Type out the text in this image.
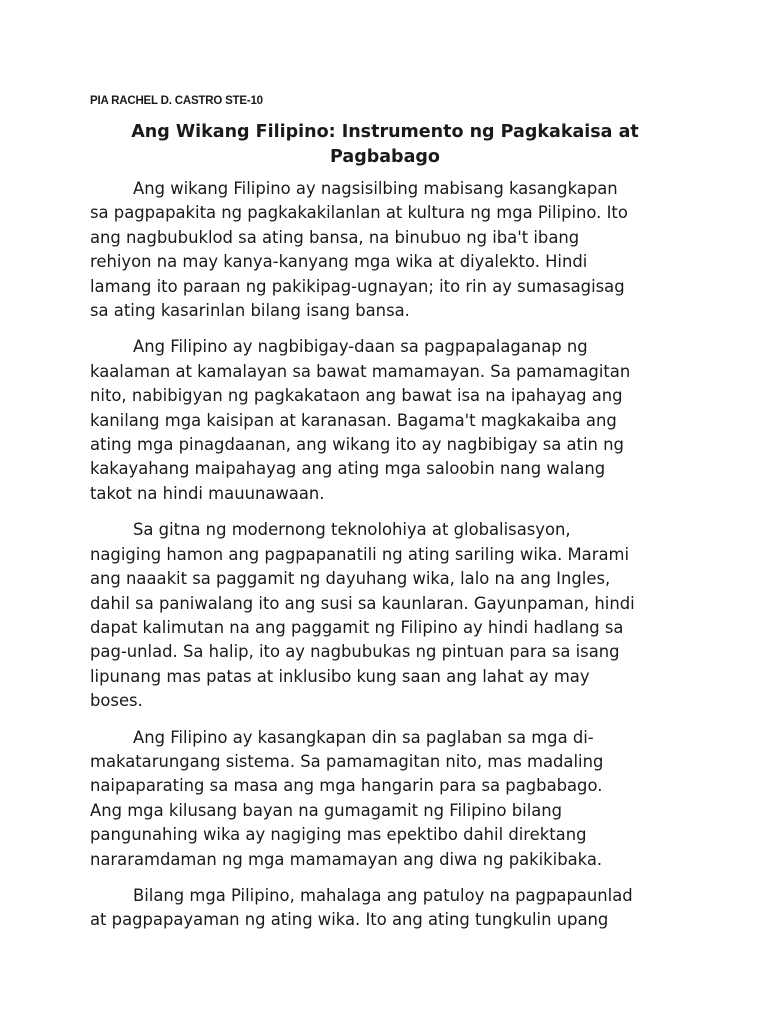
PIA RACHEL D. CASTRO STE-10
Ang Wikang Filipino: Instrumento ng Pagkakaisa at
Pagbabago
Ang wikang Filipino ay nagsisilbing mabisang kasangkapan
sa pagpapakita ng pagkakakilanlan at kultura ng mga Pilipino. Ito
ang nagbubuklod sa ating bansa, na binubuo ng iba't ibang
rehiyon na may kanya-kanyang mga wika at diyalekto. Hindi
lamang ito paraan ng pakikipag-ugnayan; ito rin ay sumasagisag
sa ating kasarinlan bilang isang bansa.
Ang Filipino ay nagbibigay-daan sa pagpapalaganap ng
kaalaman at kamalayan sa bawat mamamayan. Sa pamamagitan
nito, nabibigyan ng pagkakataon ang bawat isa na ipahayag ang
kanilang mga kaisipan at karanasan. Bagama't magkakaiba ang
ating mga pinagdaanan, ang wikang ito ay nagbibigay sa atin ng
kakayahang maipahayag ang ating mga saloobin nang walang
takot na hindi mauunawaan.
Sa gitna ng modernong teknolohiya at globalisasyon,
nagiging hamon ang pagpapanatili ng ating sariling wika. Marami
ang naaakit sa paggamit ng dayuhang wika, lalo na ang Ingles,
dahil sa paniwalang ito ang susi sa kaunlaran. Gayunpaman, hindi
dapat kalimutan na ang paggamit ng Filipino ay hindi hadlang sa
pag-unlad. Sa halip, ito ay nagbubukas ng pintuan para sa isang
lipunang mas patas at inklusibo kung saan ang lahat ay may
boses.
Ang Filipino ay kasangkapan din sa paglaban sa mga di-
makatarungang sistema. Sa pamamagitan nito, mas madaling
naipaparating sa masa ang mga hangarin para sa pagbabago.
Ang mga kilusang bayan na gumagamit ng Filipino bilang
pangunahing wika ay nagiging mas epektibo dahil direktang
nararamdaman ng mga mamamayan ang diwa ng pakikibaka.
Bilang mga Pilipino, mahalaga ang patuloy na pagpapaunlad
at pagpapayaman ng ating wika. Ito ang ating tungkulin upang
